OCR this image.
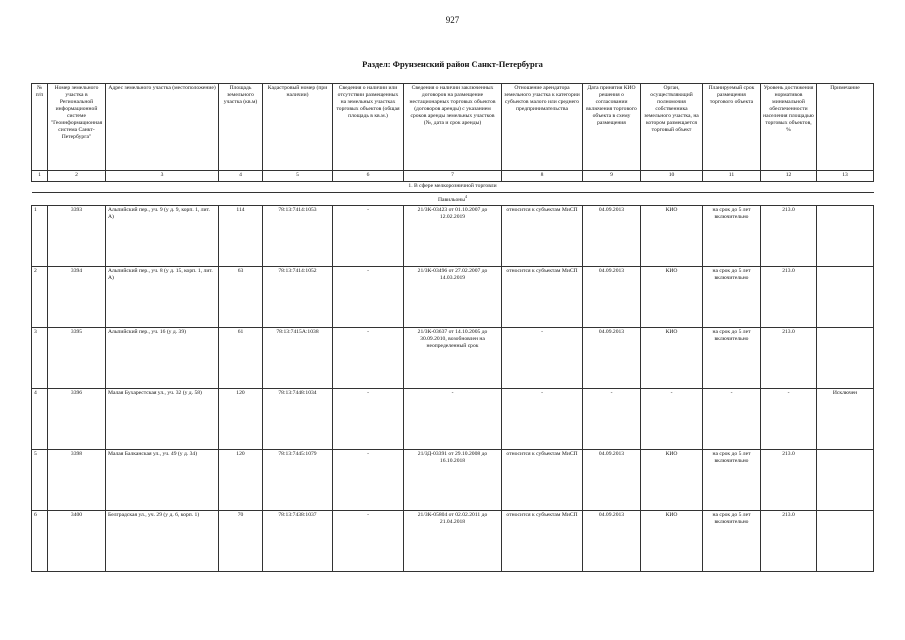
927
Раздел: Фрунзенский район Санкт-Петербурга
№ п/п	Номер земельного участка в Региональной информационной системе "Геоинформационная система Санкт-Петербурга"	Адрес земельного участка (местоположение)	Площадь земельного участка (кв.м)	Кадастровый номер (при наличии)	Сведения о наличии или отсутствии размещенных на земельных участках торговых объектов (общая площадь в кв.м.)	Сведения о наличии заключенных договоров на размещение нестационарных торговых объектов (договоров аренды) с указанием сроков аренды земельных участков (№, дата и срок аренды)	Отношение арендатора земельного участка к категории субъектов малого или среднего предпринимательства	Дата принятия КИО решения о согласовании включения торгового объекта в схему размещения	Орган, осуществляющий полномочия собственника земельного участка, на котором размещается торговый объект	Планируемый срок размещения торгового объекта	Уровень достижения нормативов минимальной обеспеченности населения площадью торговых объектов, %	Примечание
1	2	3	4	5	6	7	8	9	10	11	12	13
1. В сфере мелкорозничной торговли												
Павильоны$^4$
1	3393	Альпийский пер., уч. 9 (у д. 9, корп. 1, лит. А)	114	78:13:7414:1053	-	21/ЗК-03423 от 01.10.2007 до 12.02.2019	относится к субъектам МиСП	04.09.2013	КИО	на срок до 5 лет включительно	213.0	
2	3394	Альпийский пер., уч. 8 (у д. 15, корп. 1, лит. А)	63	78:13:7414:1052	-	21/ЗК-03496 от 27.02.2007 до 14.03.2019	относится к субъектам МиСП	04.09.2013	КИО	на срок до 5 лет включительно	213.0	
3	3395	Альпийский пер., уч. 16 (у д. 39)	61	78:13:7415А:1038	-	21/ЗК-03637 от 14.10.2005 до 30.09.2010, возобновлен на неопределенный срок	-	04.09.2013	КИО	на срок до 5 лет включительно	213.0	
4	3396	Малая Бухарестская ул., уч. 32 (у д. 58)	120	78:13:7448:1034	-	-	-	-	-	-	-	Исключен
5	3398	Малая Балканская ул., уч. 49 (у д. 34)	120	78:13:7445:1079	-	21/ЗД-03391 от 29.10.2008 до 16.10.2018	относится к субъектам МиСП	04.09.2013	КИО	на срок до 5 лет включительно	213.0	
6	3400	Белградская ул., уч. 29 (у д. 6, корп. 1)	70	78:13:7438:1037	-	21/ЗК-05804 от 02.02.2011 до 21.04.2018	относится к субъектам МиСП	04.09.2013	КИО	на срок до 5 лет включительно	213.0	
